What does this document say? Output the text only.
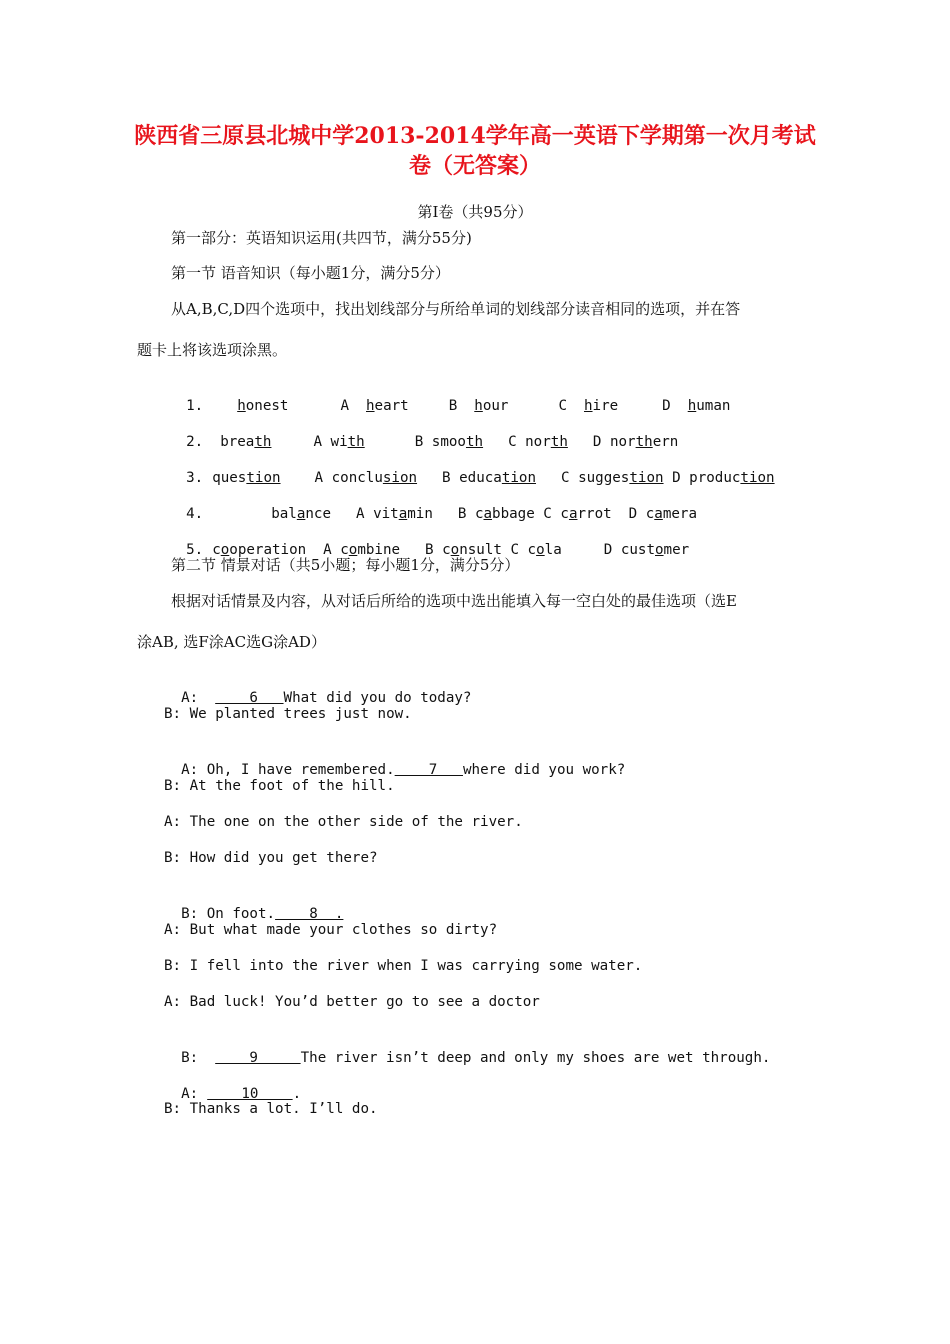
陕西省三原县北城中学2013-2014学年高一英语下学期第一次月考试
卷（无答案）
第I卷（共95分）
第一部分：英语知识运用(共四节，满分55分)
第一节 语音知识（每小题1分，满分5分）
从A,B,C,D四个选项中，找出划线部分与所给单词的划线部分读音相同的选项，并在答
题卡上将该选项涂黑。

1. honest	A heart	B hour	C hire	D human

2. breath	A with	B smooth C north D northern

3. question A conclusion B education C suggestion D production

4.	balance A vitamin B cabbage C carrot D camera

5. cooperation A combine B consult C cola	D customer

第二节 情景对话（共5小题；每小题1分，满分5分）
根据对话情景及内容，从对话后所给的选项中选出能填入每一空白处的最佳选项（选E
涂AB, 选F涂AC选G涂AD）

A:    6   What did you do today?

B: We planted trees just now.

A: Oh, I have remembered.    7   where did you work?

B: At the foot of the hill.
A: The one on the other side of the river.
B: How did you get there?

B: On foot.    8  .

A: But what made your clothes so dirty?
B: I fell into the river when I was carrying some water.
A: Bad luck! You’d better go to see a doctor

B:    9     The river isn’t deep and only my shoes are wet through.

A:    10    .

B: Thanks a lot. I’ll do.
